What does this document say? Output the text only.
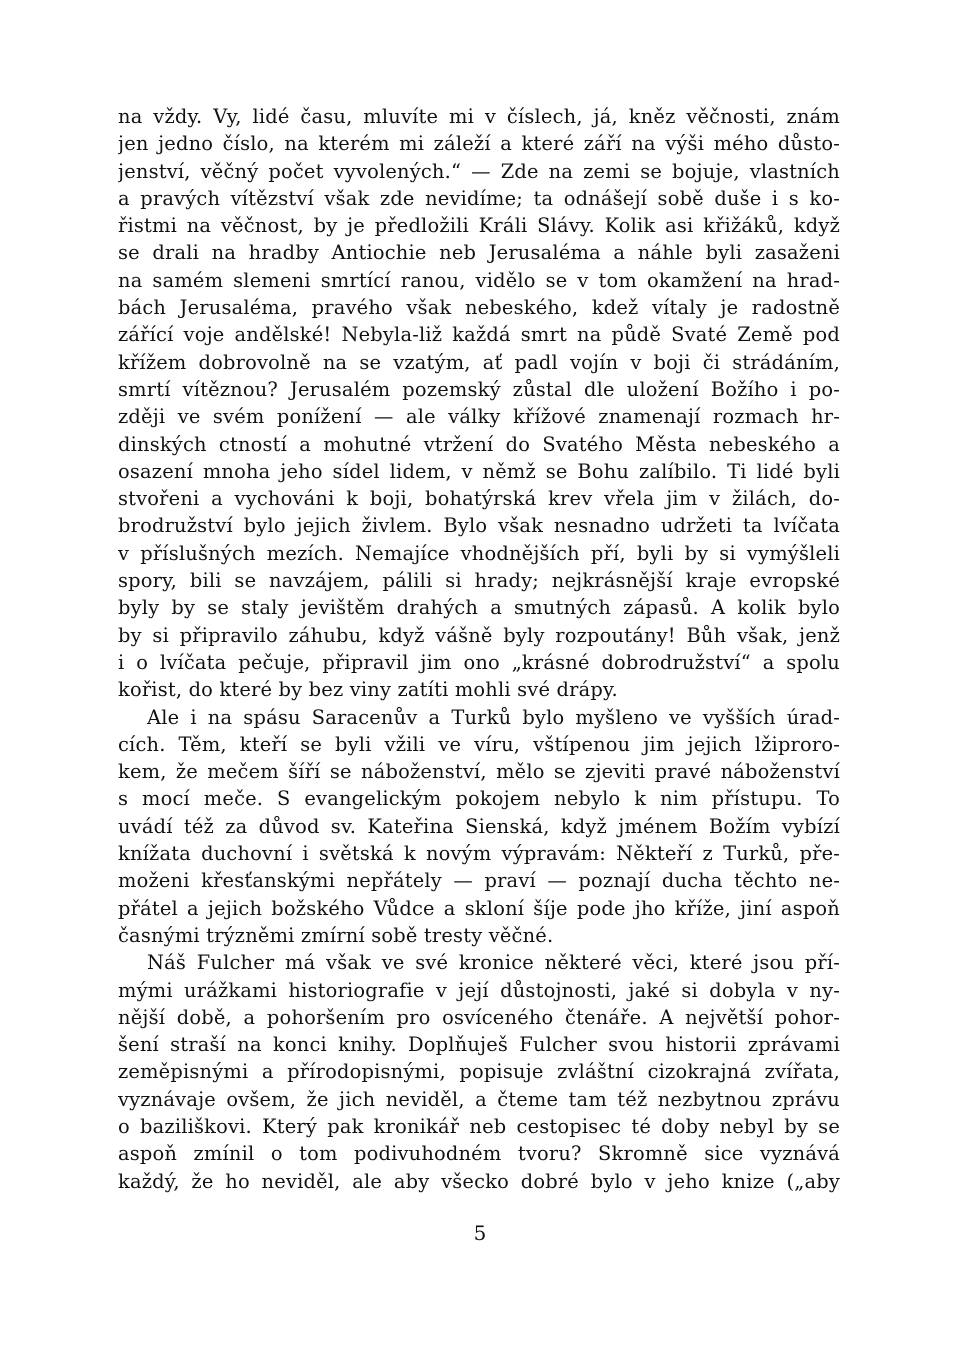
na vždy. Vy, lidé času, mluvíte mi v číslech, já, kněz věčnosti, znám
jen jedno číslo, na kterém mi záleží a které září na výši mého důsto-
jenství, věčný počet vyvolených.“ — Zde na zemi se bojuje, vlastních
a pravých vítězství však zde nevidíme; ta odnášejí sobě duše i s ko-
řistmi na věčnost, by je předložili Králi Slávy. Kolik asi křižáků, když
se drali na hradby Antiochie neb Jerusaléma a náhle byli zasaženi
na samém slemeni smrtící ranou, vidělo se v tom okamžení na hrad-
bách Jerusaléma, pravého však nebeského, kdež vítaly je radostně
zářící voje andělské! Nebyla-liž každá smrt na půdě Svaté Země pod
křížem dobrovolně na se vzatým, ať padl vojín v boji či strádáním,
smrtí vítěznou? Jerusalém pozemský zůstal dle uložení Božího i po-
zději ve svém ponížení — ale války křížové znamenají rozmach hr-
dinských ctností a mohutné vtržení do Svatého Města nebeského a
osazení mnoha jeho sídel lidem, v němž se Bohu zalíbilo. Ti lidé byli
stvořeni a vychováni k boji, bohatýrská krev vřela jim v žilách, do-
brodružství bylo jejich živlem. Bylo však nesnadno udržeti ta lvíčata
v příslušných mezích. Nemajíce vhodnějších pří, byli by si vymýšleli
spory, bili se navzájem, pálili si hrady; nejkrásnější kraje evropské
byly by se staly jevištěm drahých a smutných zápasů. A kolik bylo
by si připravilo záhubu, když vášně byly rozpoutány! Bůh však, jenž
i o lvíčata pečuje, připravil jim ono „krásné dobrodružství“ a spolu
kořist, do které by bez viny zatíti mohli své drápy.
Ale i na spásu Saracenův a Turků bylo myšleno ve vyšších úrad-
cích. Těm, kteří se byli vžili ve víru, vštípenou jim jejich lžiproro-
kem, že mečem šíří se náboženství, mělo se zjeviti pravé náboženství
s mocí meče. S evangelickým pokojem nebylo k nim přístupu. To
uvádí též za důvod sv. Kateřina Sienská, když jménem Božím vybízí
knížata duchovní i světská k novým výpravám: Někteří z Turků, pře-
moženi křesťanskými nepřátely — praví — poznají ducha těchto ne-
přátel a jejich božského Vůdce a skloní šíje pode jho kříže, jiní aspoň
časnými trýzněmi zmírní sobě tresty věčné.
Náš Fulcher má však ve své kronice některé věci, které jsou pří-
mými urážkami historiografie v její důstojnosti, jaké si dobyla v ny-
nější době, a pohoršením pro osvíceného čtenáře. A největší pohor-
šení straší na konci knihy. Doplňuješ Fulcher svou historii zprávami
zeměpisnými a přírodopisnými, popisuje zvláštní cizokrajná zvířata,
vyznávaje ovšem, že jich neviděl, a čteme tam též nezbytnou zprávu
o baziliškovi. Který pak kronikář neb cestopisec té doby nebyl by se
aspoň zmínil o tom podivuhodném tvoru? Skromně sice vyznává
každý, že ho neviděl, ale aby všecko dobré bylo v jeho knize („aby
5
